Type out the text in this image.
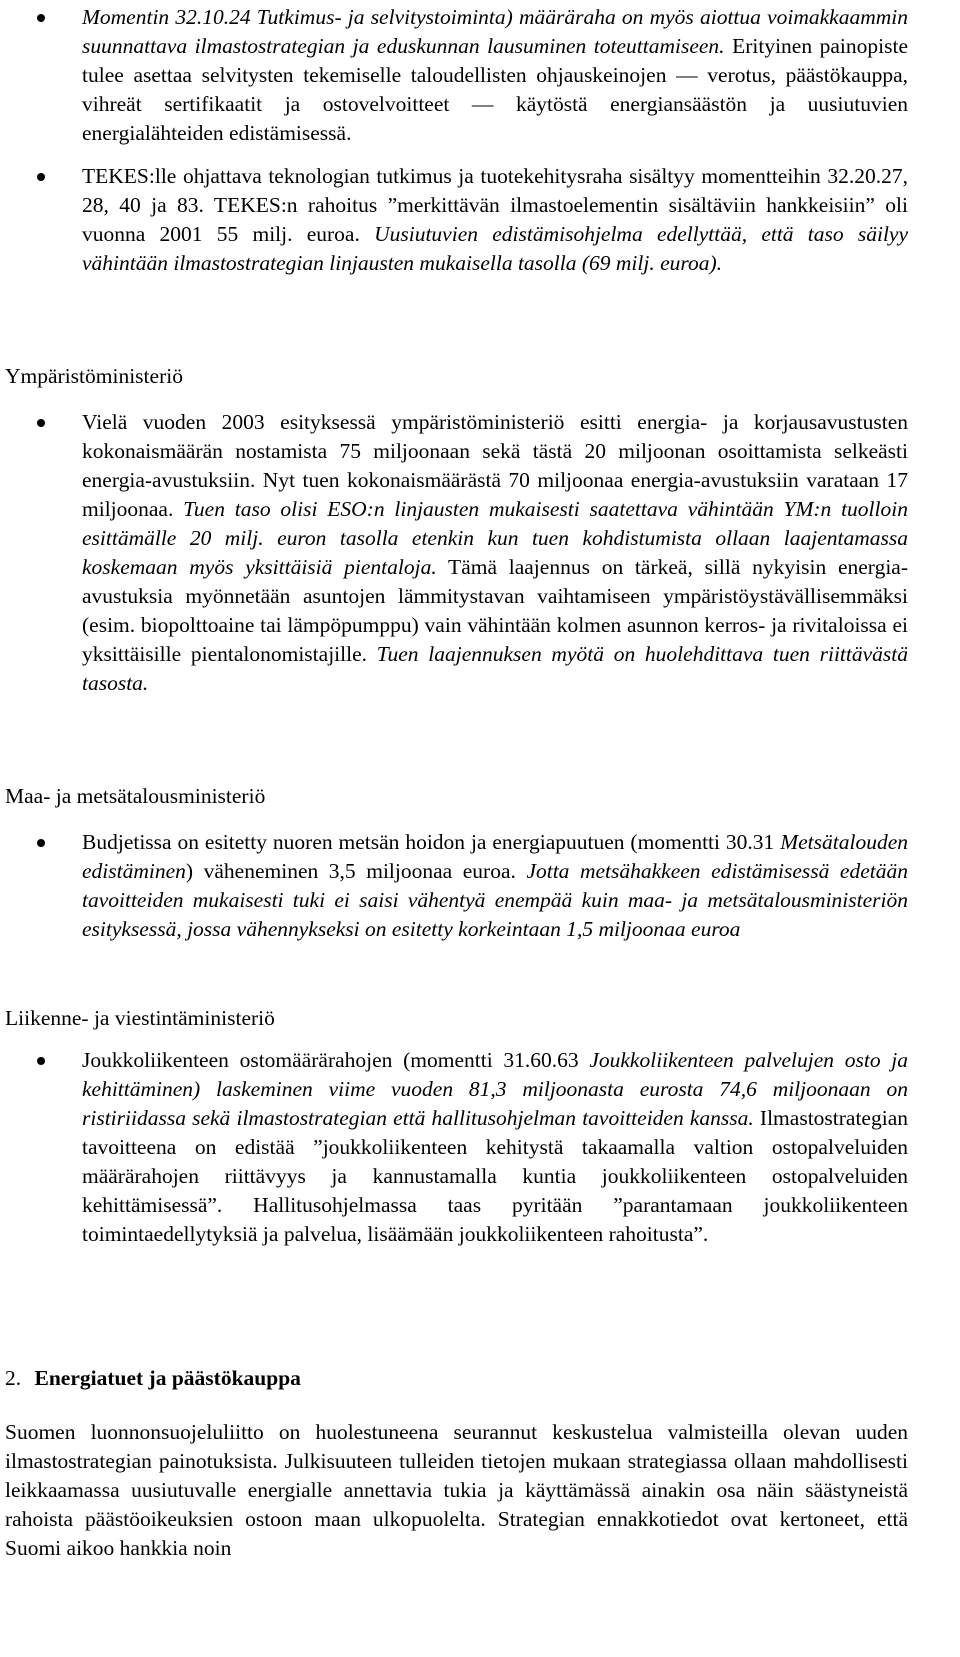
Momentin 32.10.24 Tutkimus- ja selvitystoiminta) määräraha on myös aiottua voimakkaammin suunnattava ilmastostrategian ja eduskunnan lausuminen toteuttamiseen. Erityinen painopiste tulee asettaa selvitysten tekemiselle taloudellisten ohjauskeinojen — verotus, päästökauppa, vihreät sertifikaatit ja ostovelvoitteet — käytöstä energiansäästön ja uusiutuvien energialähteiden edistämisessä.
TEKES:lle ohjattava teknologian tutkimus ja tuotekehitysraha sisältyy momentteihin 32.20.27, 28, 40 ja 83. TEKES:n rahoitus ”merkittävän ilmastoelementin sisältäviin hankkeisiin” oli vuonna 2001 55 milj. euroa. Uusiutuvien edistämisohjelma edellyttää, että taso säilyy vähintään ilmastostrategian linjausten mukaisella tasolla (69 milj. euroa).
Ympäristöministeriö
Vielä vuoden 2003 esityksessä ympäristöministeriö esitti energia- ja korjausavustusten kokonaismäärän nostamista 75 miljoonaan sekä tästä 20 miljoonan osoittamista selkeästi energia-avustuksiin. Nyt tuen kokonaismäärästä 70 miljoonaa energia-avustuksiin varataan 17 miljoonaa. Tuen taso olisi ESO:n linjausten mukaisesti saatettava vähintään YM:n tuolloin esittämälle 20 milj. euron tasolla etenkin kun tuen kohdistumista ollaan laajentamassa koskemaan myös yksittäisiä pientaloja. Tämä laajennus on tärkeä, sillä nykyisin energia-avustuksia myönnetään asuntojen lämmitystavan vaihtamiseen ympäristöystävällisemmäksi (esim. biopolttoaine tai lämpöpumppu) vain vähintään kolmen asunnon kerros- ja rivitaloissa ei yksittäisille pientalonomistajille. Tuen laajennuksen myötä on huolehdittava tuen riittävästä tasosta.
Maa- ja metsätalousministeriö
Budjetissa on esitetty nuoren metsän hoidon ja energiapuutuen (momentti 30.31 Metsätalouden edistäminen) väheneminen 3,5 miljoonaa euroa. Jotta metsähakkeen edistämisessä edetään tavoitteiden mukaisesti tuki ei saisi vähentyä enempää kuin maa- ja metsätalousministeriön esityksessä, jossa vähennykseksi on esitetty korkeintaan 1,5 miljoonaa euroa
Liikenne- ja viestintäministeriö
Joukkoliikenteen ostomäärärahojen (momentti 31.60.63 Joukkoliikenteen palvelujen osto ja kehittäminen) laskeminen viime vuoden 81,3 miljoonasta eurosta 74,6 miljoonaan on ristiriidassa sekä ilmastostrategian että hallitusohjelman tavoitteiden kanssa. Ilmastostrategian tavoitteena on edistää ”joukkoliikenteen kehitystä takaamalla valtion ostopalveluiden määrärahojen riittävyys ja kannustamalla kuntia joukkoliikenteen ostopalveluiden kehittämisessä”. Hallitusohjelmassa taas pyritään ”parantamaan joukkoliikenteen toimintaedellytyksiä ja palvelua, lisäämään joukkoliikenteen rahoitusta”.
2. Energiatuet ja päästökauppa
Suomen luonnonsuojeluliitto on huolestuneena seurannut keskustelua valmisteilla olevan uuden ilmastostrategian painotuksista. Julkisuuteen tulleiden tietojen mukaan strategiassa ollaan mahdollisesti leikkaamassa uusiutuvalle energialle annettavia tukia ja käyttämässä ainakin osa näin säästyneistä rahoista päästöoikeuksien ostoon maan ulkopuolelta. Strategian ennakkotiedot ovat kertoneet, että Suomi aikoo hankkia noin
